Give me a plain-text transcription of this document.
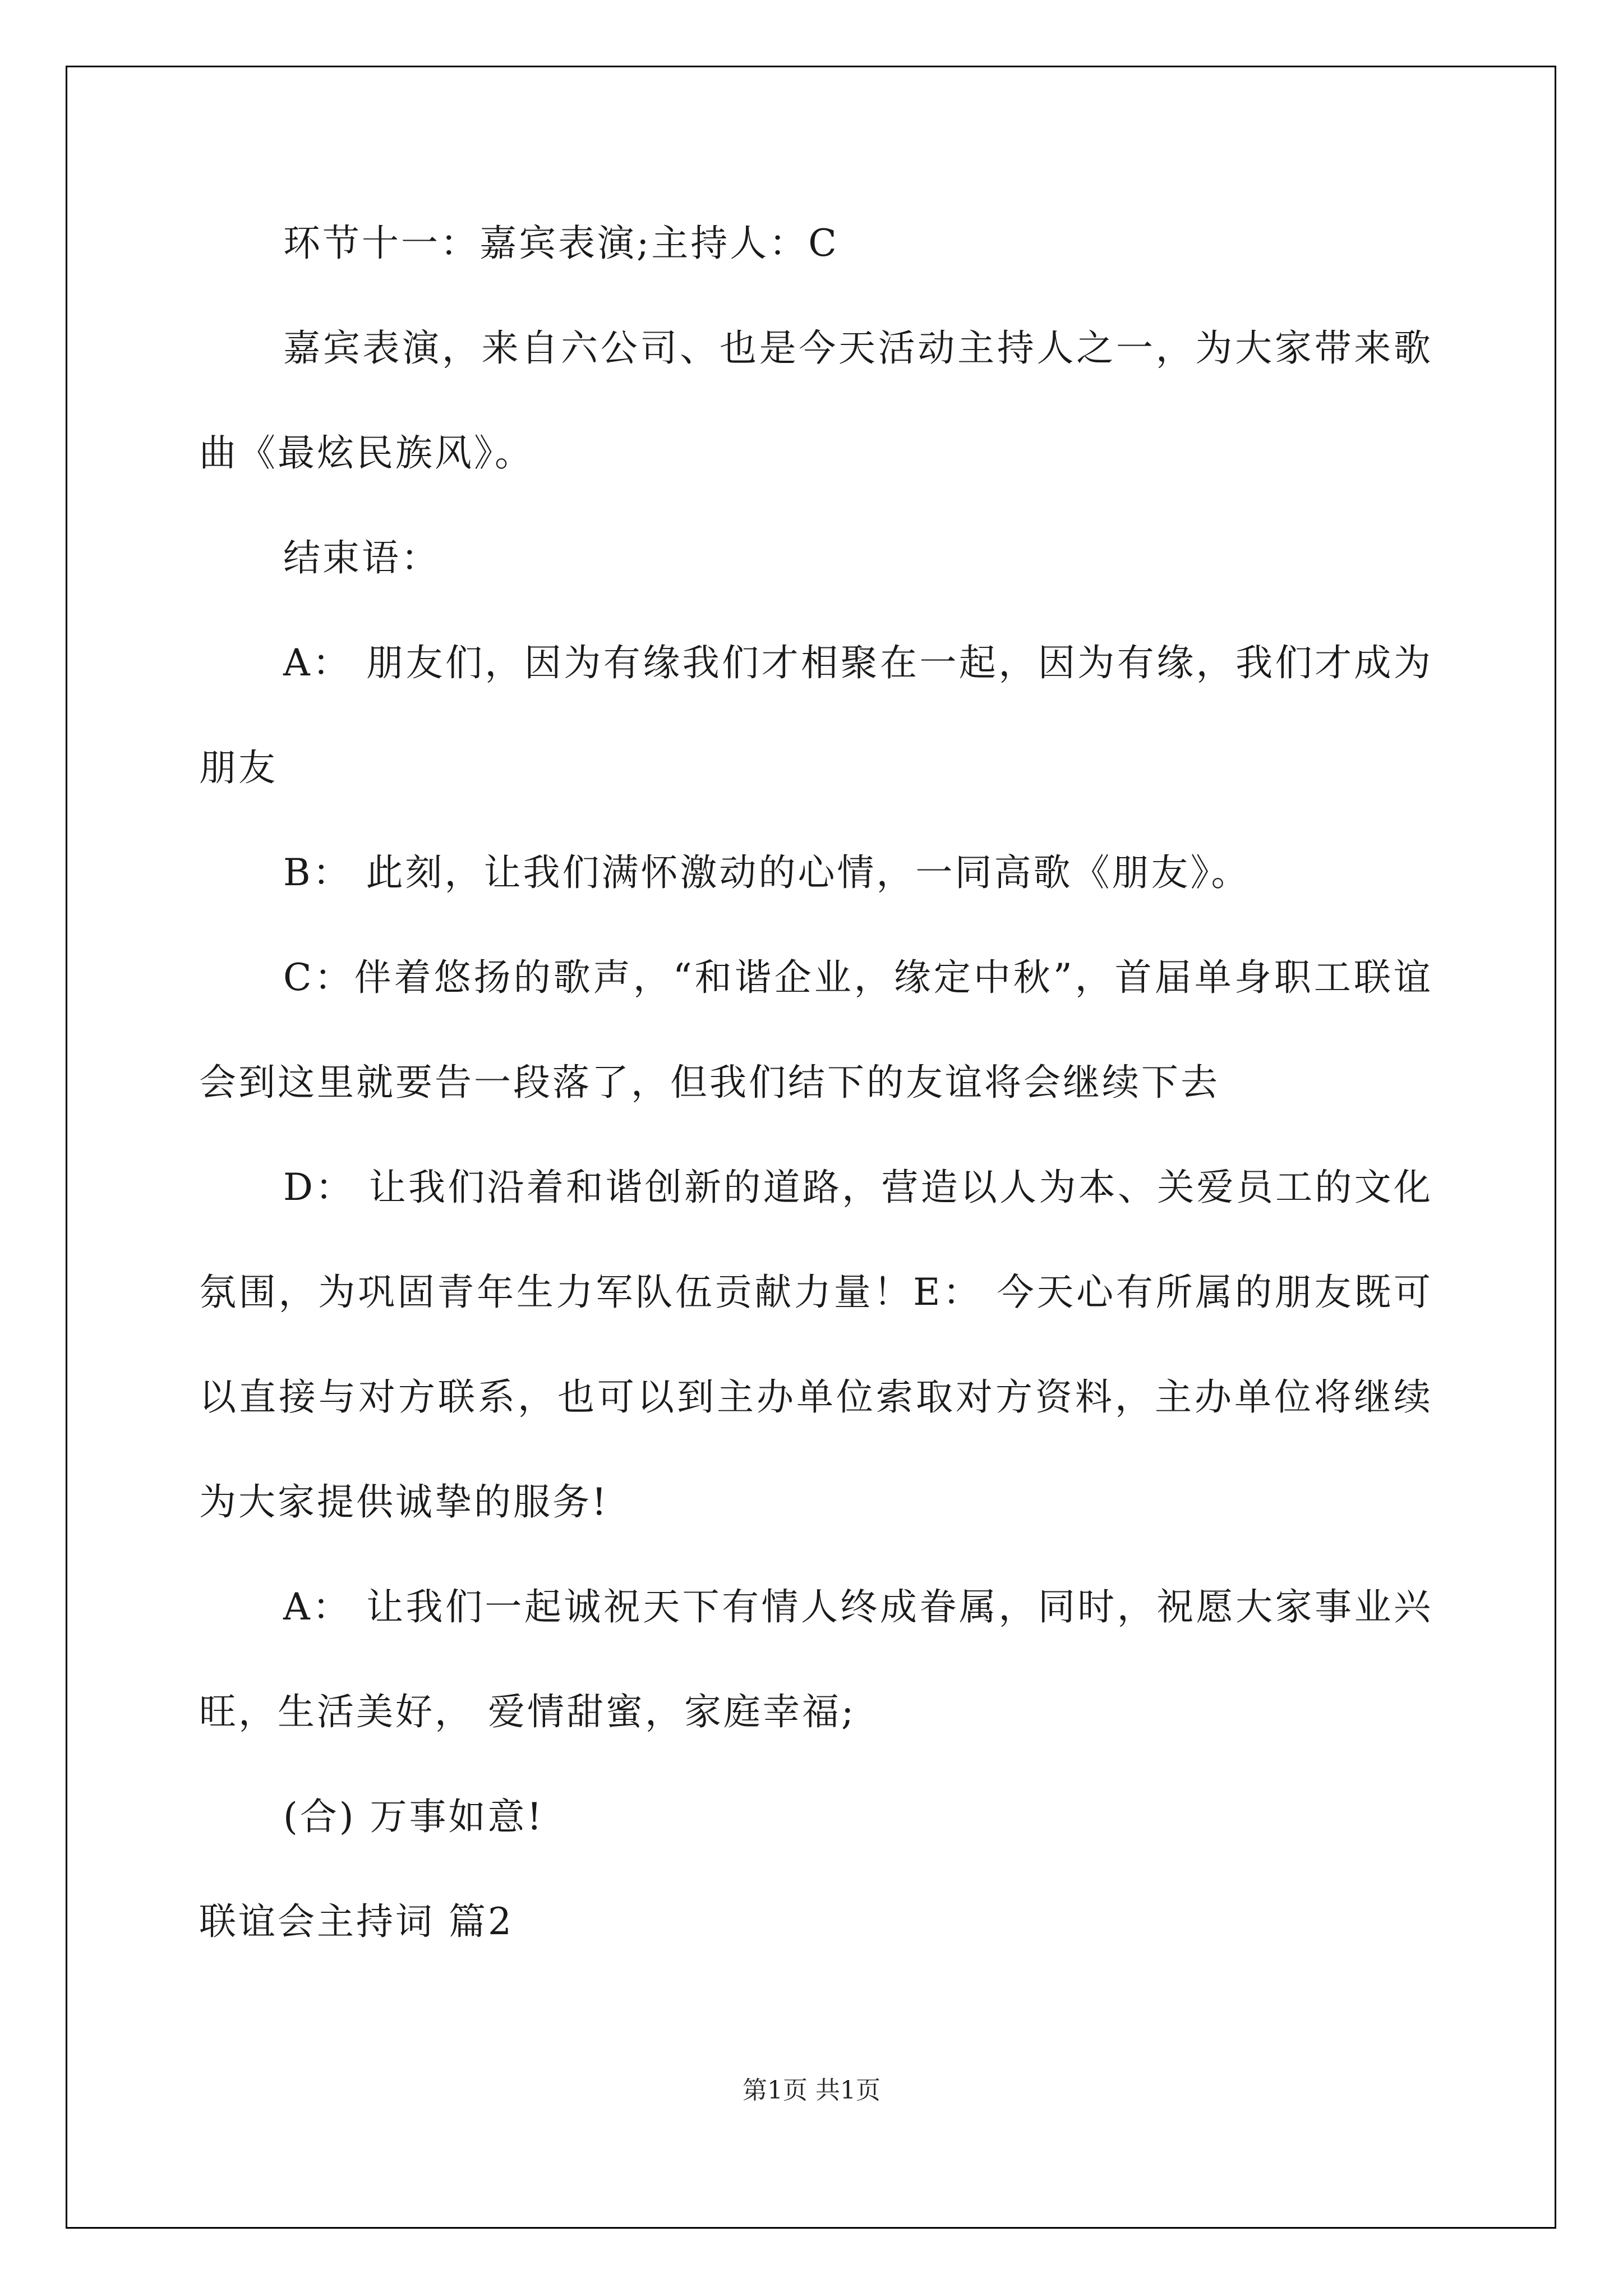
环节十一：嘉宾表演;主持人：C

嘉宾表演，来自六公司、也是今天活动主持人之一，为大家带来歌曲《最炫民族风》。

结束语：

A： 朋友们，因为有缘我们才相聚在一起，因为有缘，我们才成为朋友

B： 此刻，让我们满怀激动的心情，一同高歌《朋友》。

C：伴着悠扬的歌声，“和谐企业，缘定中秋”，首届单身职工联谊会到这里就要告一段落了，但我们结下的友谊将会继续下去

D： 让我们沿着和谐创新的道路，营造以人为本、关爱员工的文化氛围，为巩固青年生力军队伍贡献力量！E： 今天心有所属的朋友既可以直接与对方联系，也可以到主办单位索取对方资料，主办单位将继续为大家提供诚挚的服务!

A： 让我们一起诚祝天下有情人终成眷属，同时，祝愿大家事业兴旺，生活美好， 爱情甜蜜，家庭幸福;

(合) 万事如意!

联谊会主持词 篇2

第1页 共1页
